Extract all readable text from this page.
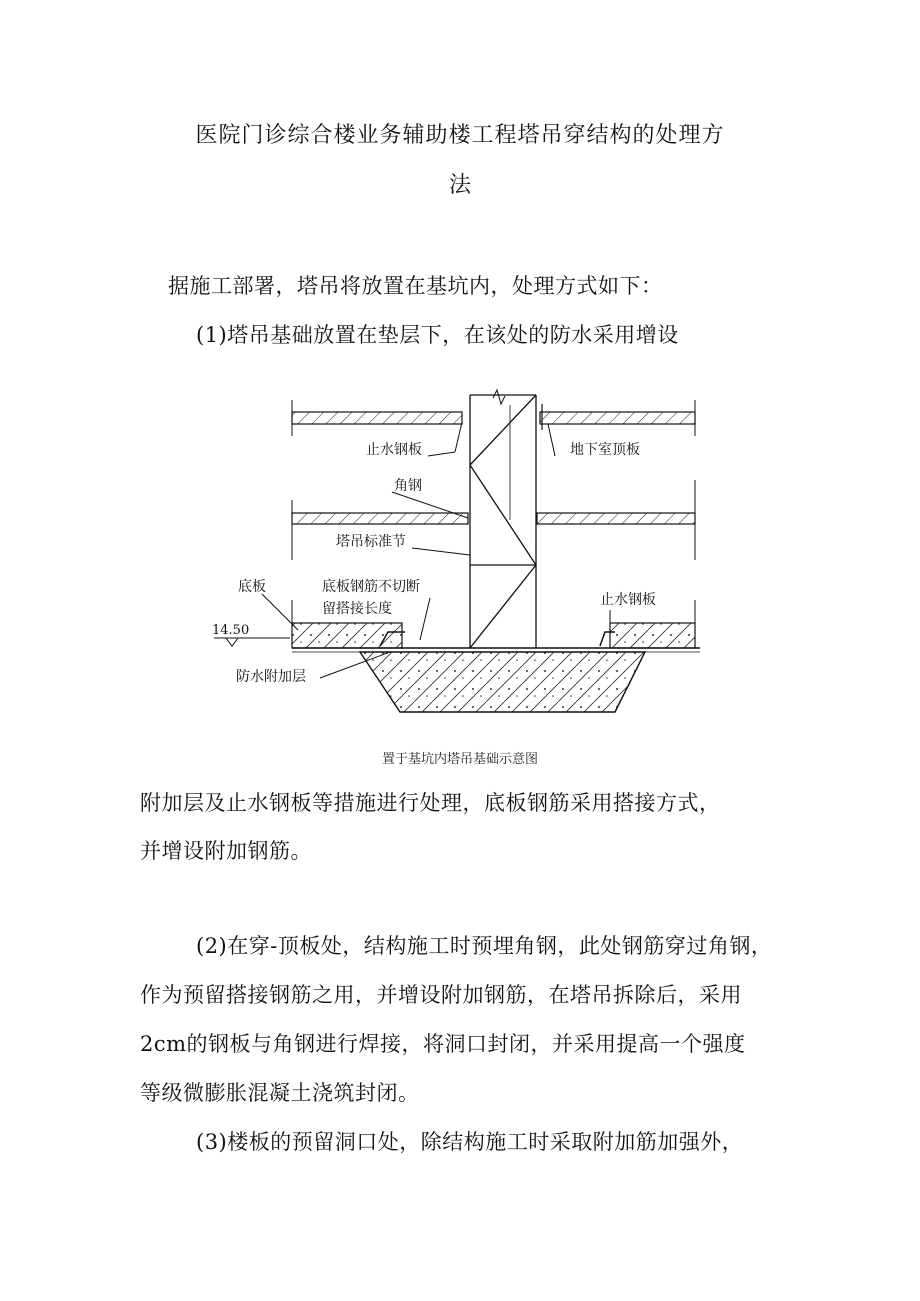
医院门诊综合楼业务辅助楼工程塔吊穿结构的处理方
法
据施工部署，塔吊将放置在基坑内，处理方式如下：
(1)塔吊基础放置在垫层下，在该处的防水采用增设
止水钢板	地下室顶板
角钢
塔吊标准节
底板	底板钢筋不切断
留搭接长度
止水钢板
14.50
防水附加层
置于基坑内塔吊基础示意图
附加层及止水钢板等措施进行处理，底板钢筋采用搭接方式，
并增设附加钢筋。
(2)在穿-顶板处，结构施工时预埋角钢，此处钢筋穿过角钢，
作为预留搭接钢筋之用，并增设附加钢筋，在塔吊拆除后，采用
2cm的钢板与角钢进行焊接，将洞口封闭，并采用提高一个强度
等级微膨胀混凝土浇筑封闭。
(3)楼板的预留洞口处，除结构施工时采取附加筋加强外，
